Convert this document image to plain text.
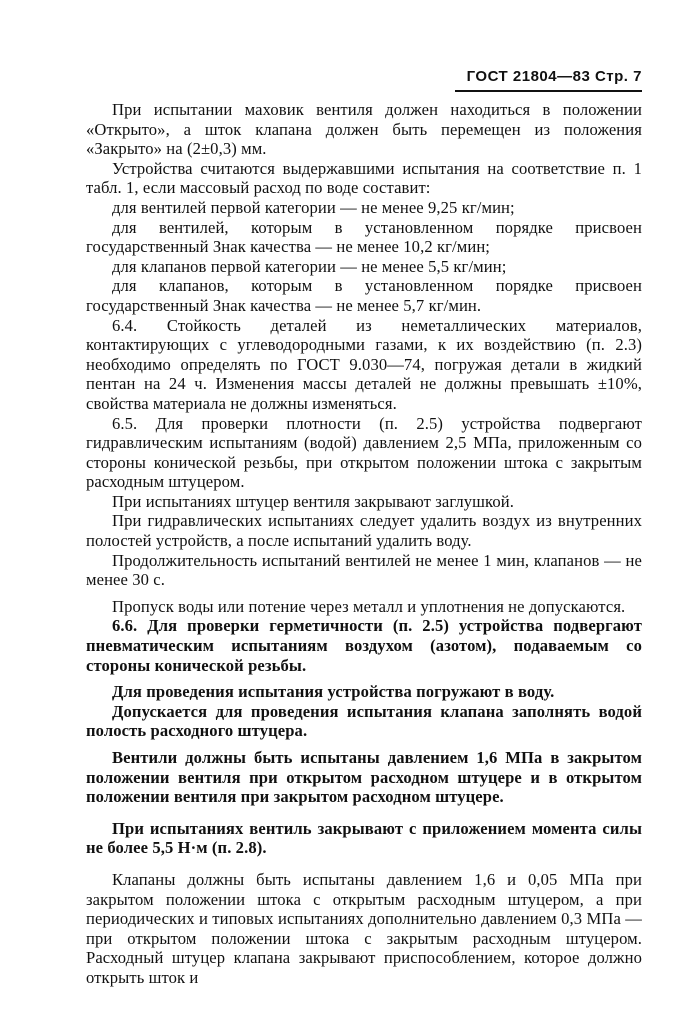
ГОСТ 21804—83 Стр. 7

При испытании маховик вентиля должен находиться в положении «Открыто», а шток клапана должен быть перемещен из положения «Закрыто» на (2±0,3) мм.

Устройства считаются выдержавшими испытания на соответствие п. 1 табл. 1, если массовый расход по воде составит:

для вентилей первой категории — не менее 9,25 кг/мин;

для вентилей, которым в установленном порядке присвоен государственный Знак качества — не менее 10,2 кг/мин;

для клапанов первой категории — не менее 5,5 кг/мин;

для клапанов, которым в установленном порядке присвоен государственный Знак качества — не менее 5,7 кг/мин.

6.4. Стойкость деталей из неметаллических материалов, контактирующих с углеводородными газами, к их воздействию (п. 2.3) необходимо определять по ГОСТ 9.030—74, погружая детали в жидкий пентан на 24 ч. Изменения массы деталей не должны превышать ±10%, свойства материала не должны изменяться.

6.5. Для проверки плотности (п. 2.5) устройства подвергают гидравлическим испытаниям (водой) давлением 2,5 МПа, приложенным со стороны конической резьбы, при открытом положении штока с закрытым расходным штуцером.

При испытаниях штуцер вентиля закрывают заглушкой.

При гидравлических испытаниях следует удалить воздух из внутренних полостей устройств, а после испытаний удалить воду.

Продолжительность испытаний вентилей не менее 1 мин, клапанов — не менее 30 с.

Пропуск воды или потение через металл и уплотнения не допускаются.

6.6. Для проверки герметичности (п. 2.5) устройства подвергают пневматическим испытаниям воздухом (азотом), подаваемым со стороны конической резьбы.

Для проведения испытания устройства погружают в воду.

Допускается для проведения испытания клапана заполнять водой полость расходного штуцера.

Вентили должны быть испытаны давлением 1,6 МПа в закрытом положении вентиля при открытом расходном штуцере и в открытом положении вентиля при закрытом расходном штуцере.

При испытаниях вентиль закрывают с приложением момента силы не более 5,5 Н·м (п. 2.8).

Клапаны должны быть испытаны давлением 1,6 и 0,05 МПа при закрытом положении штока с открытым расходным штуцером, а при периодических и типовых испытаниях дополнительно давлением 0,3 МПа — при открытом положении штока с закрытым расходным штуцером. Расходный штуцер клапана закрывают приспособлением, которое должно открыть шток и
